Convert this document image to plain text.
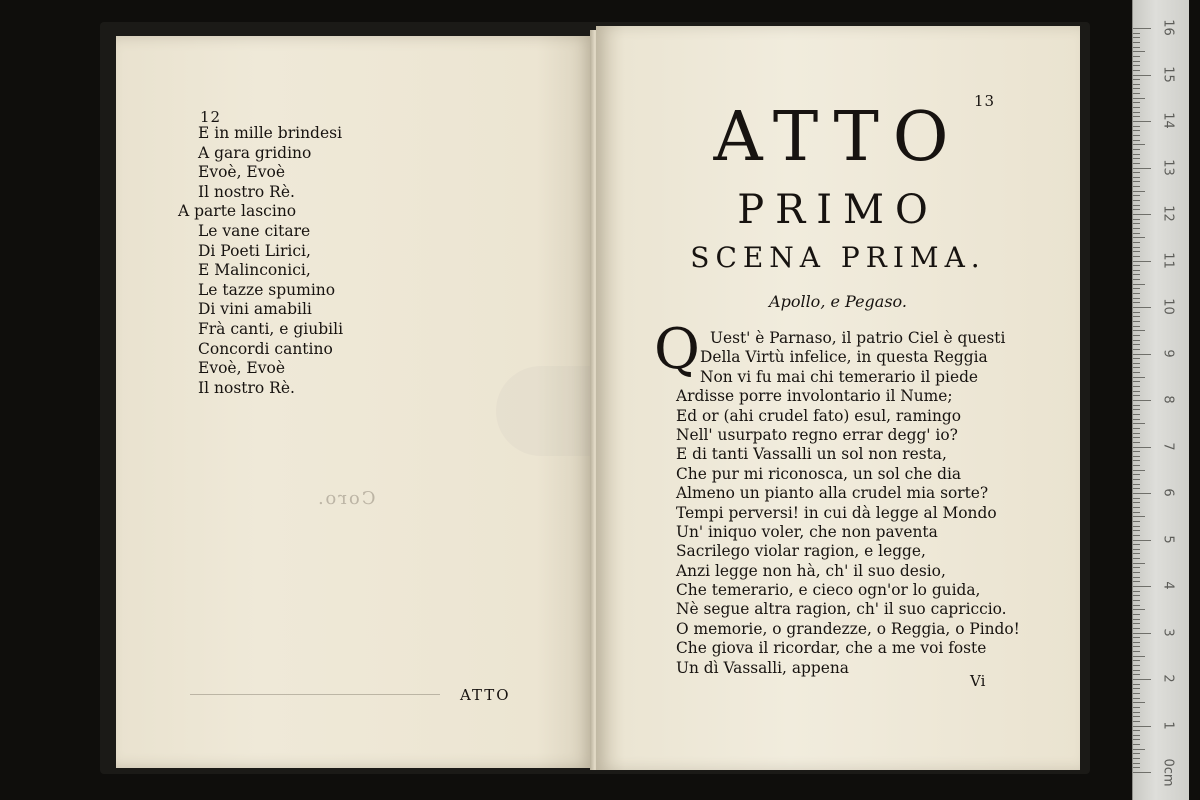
Coro.
12
E in mille brindesi
A gara gridino
Evoè, Evoè
Il nostro Rè.
A parte lascino
Le vane citare
Di Poeti Lirici,
E Malinconici,
Le tazze spumino
Di vini amabili
Frà canti, e giubili
Concordi cantino
Evoè, Evoè
Il nostro Rè.
ATTO
13
ATTO
PRIMO
SCENA PRIMA.
Apollo, e Pegaso.
Q Uest' è Parnaso, il patrio Ciel è questi
Della Virtù infelice, in questa Reggia
Non vi fu mai chi temerario il piede
Ardisse porre involontario il Nume;
Ed or (ahi crudel fato) esul, ramingo
Nell' usurpato regno errar degg' io?
E di tanti Vassalli un sol non resta,
Che pur mi riconosca, un sol che dia
Almeno un pianto alla crudel mia sorte?
Tempi perversi! in cui dà legge al Mondo
Un' iniquo voler, che non paventa
Sacrilego violar ragion, e legge,
Anzi legge non hà, ch' il suo desio,
Che temerario, e cieco ogn'or lo guida,
Nè segue altra ragion, ch' il suo capriccio.
O memorie, o grandezze, o Reggia, o Pindo!
Che giova il ricordar, che a me voi foste
Un dì Vassalli, appena
Vi
16
15
14
13
12
11
10
9
8
7
6
5
4
3
2
1
0cm
